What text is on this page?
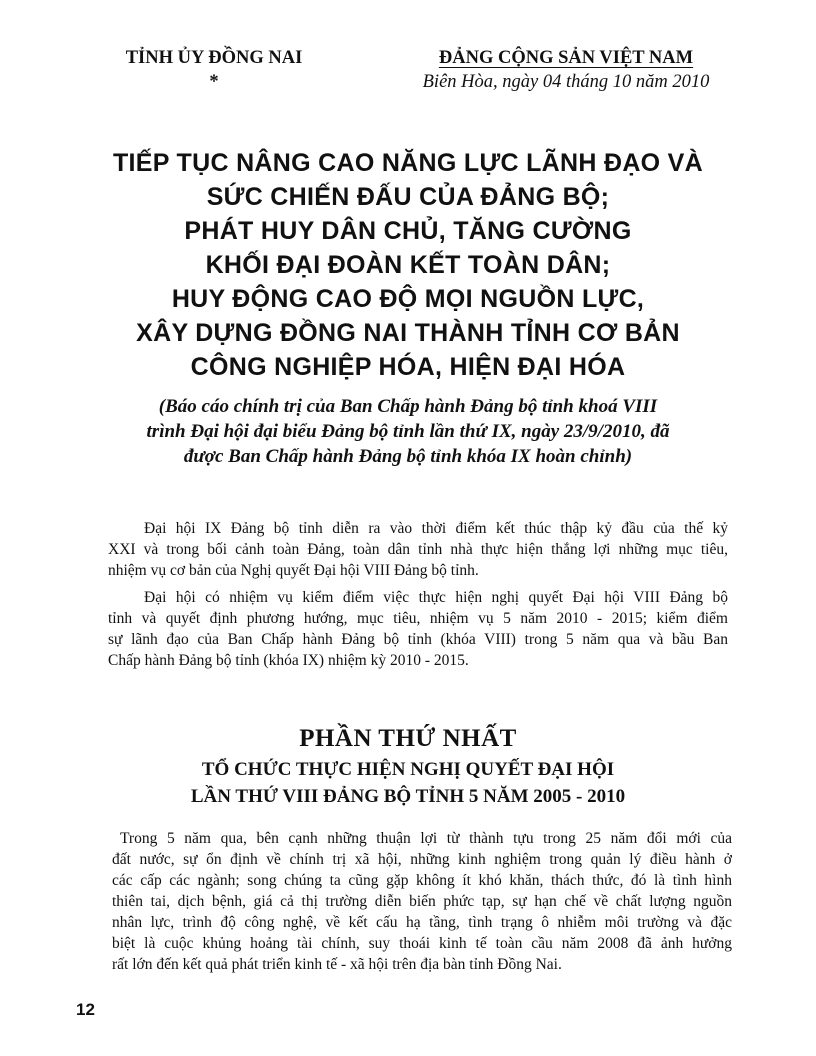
TỈNH ỦY ĐỒNG NAI
*
ĐẢNG CỘNG SẢN VIỆT NAM
Biên Hòa, ngày 04 tháng 10 năm 2010
TIẾP TỤC NÂNG CAO NĂNG LỰC LÃNH ĐẠO VÀ
SỨC CHIẾN ĐẤU CỦA ĐẢNG BỘ;
PHÁT HUY DÂN CHỦ, TĂNG CƯỜNG
KHỐI ĐẠI ĐOÀN KẾT TOÀN DÂN;
HUY ĐỘNG CAO ĐỘ MỌI NGUỒN LỰC,
XÂY DỰNG ĐỒNG NAI THÀNH TỈNH CƠ BẢN
CÔNG NGHIỆP HÓA, HIỆN ĐẠI HÓA
(Báo cáo chính trị của Ban Chấp hành Đảng bộ tỉnh khoá VIII
trình Đại hội đại biểu Đảng bộ tỉnh lần thứ IX, ngày 23/9/2010, đã
được Ban Chấp hành Đảng bộ tỉnh khóa IX hoàn chỉnh)
Đại hội IX Đảng bộ tỉnh diễn ra vào thời điểm kết thúc thập kỷ đầu của thế kỷ
XXI và trong bối cảnh toàn Đảng, toàn dân tỉnh nhà thực hiện thắng lợi những mục tiêu,
nhiệm vụ cơ bản của Nghị quyết Đại hội VIII Đảng bộ tỉnh.
Đại hội có nhiệm vụ kiểm điểm việc thực hiện nghị quyết Đại hội VIII Đảng bộ
tỉnh và quyết định phương hướng, mục tiêu, nhiệm vụ 5 năm 2010 - 2015; kiểm điểm
sự lãnh đạo của Ban Chấp hành Đảng bộ tỉnh (khóa VIII) trong 5 năm qua và bầu Ban
Chấp hành Đảng bộ tỉnh (khóa IX) nhiệm kỳ 2010 - 2015.
PHẦN THỨ NHẤT
TỔ CHỨC THỰC HIỆN NGHỊ QUYẾT ĐẠI HỘI
LẦN THỨ VIII ĐẢNG BỘ TỈNH 5 NĂM 2005 - 2010
Trong 5 năm qua, bên cạnh những thuận lợi từ thành tựu trong 25 năm đổi mới của
đất nước, sự ổn định về chính trị xã hội, những kinh nghiệm trong quản lý điều hành ở
các cấp các ngành; song chúng ta cũng gặp không ít khó khăn, thách thức, đó là tình hình
thiên tai, dịch bệnh, giá cả thị trường diễn biến phức tạp, sự hạn chế về chất lượng nguồn
nhân lực, trình độ công nghệ, về kết cấu hạ tầng, tình trạng ô nhiễm môi trường và đặc
biệt là cuộc khủng hoảng tài chính, suy thoái kinh tế toàn cầu năm 2008 đã ảnh hưởng
rất lớn đến kết quả phát triển kinh tế - xã hội trên địa bàn tỉnh Đồng Nai.
12
